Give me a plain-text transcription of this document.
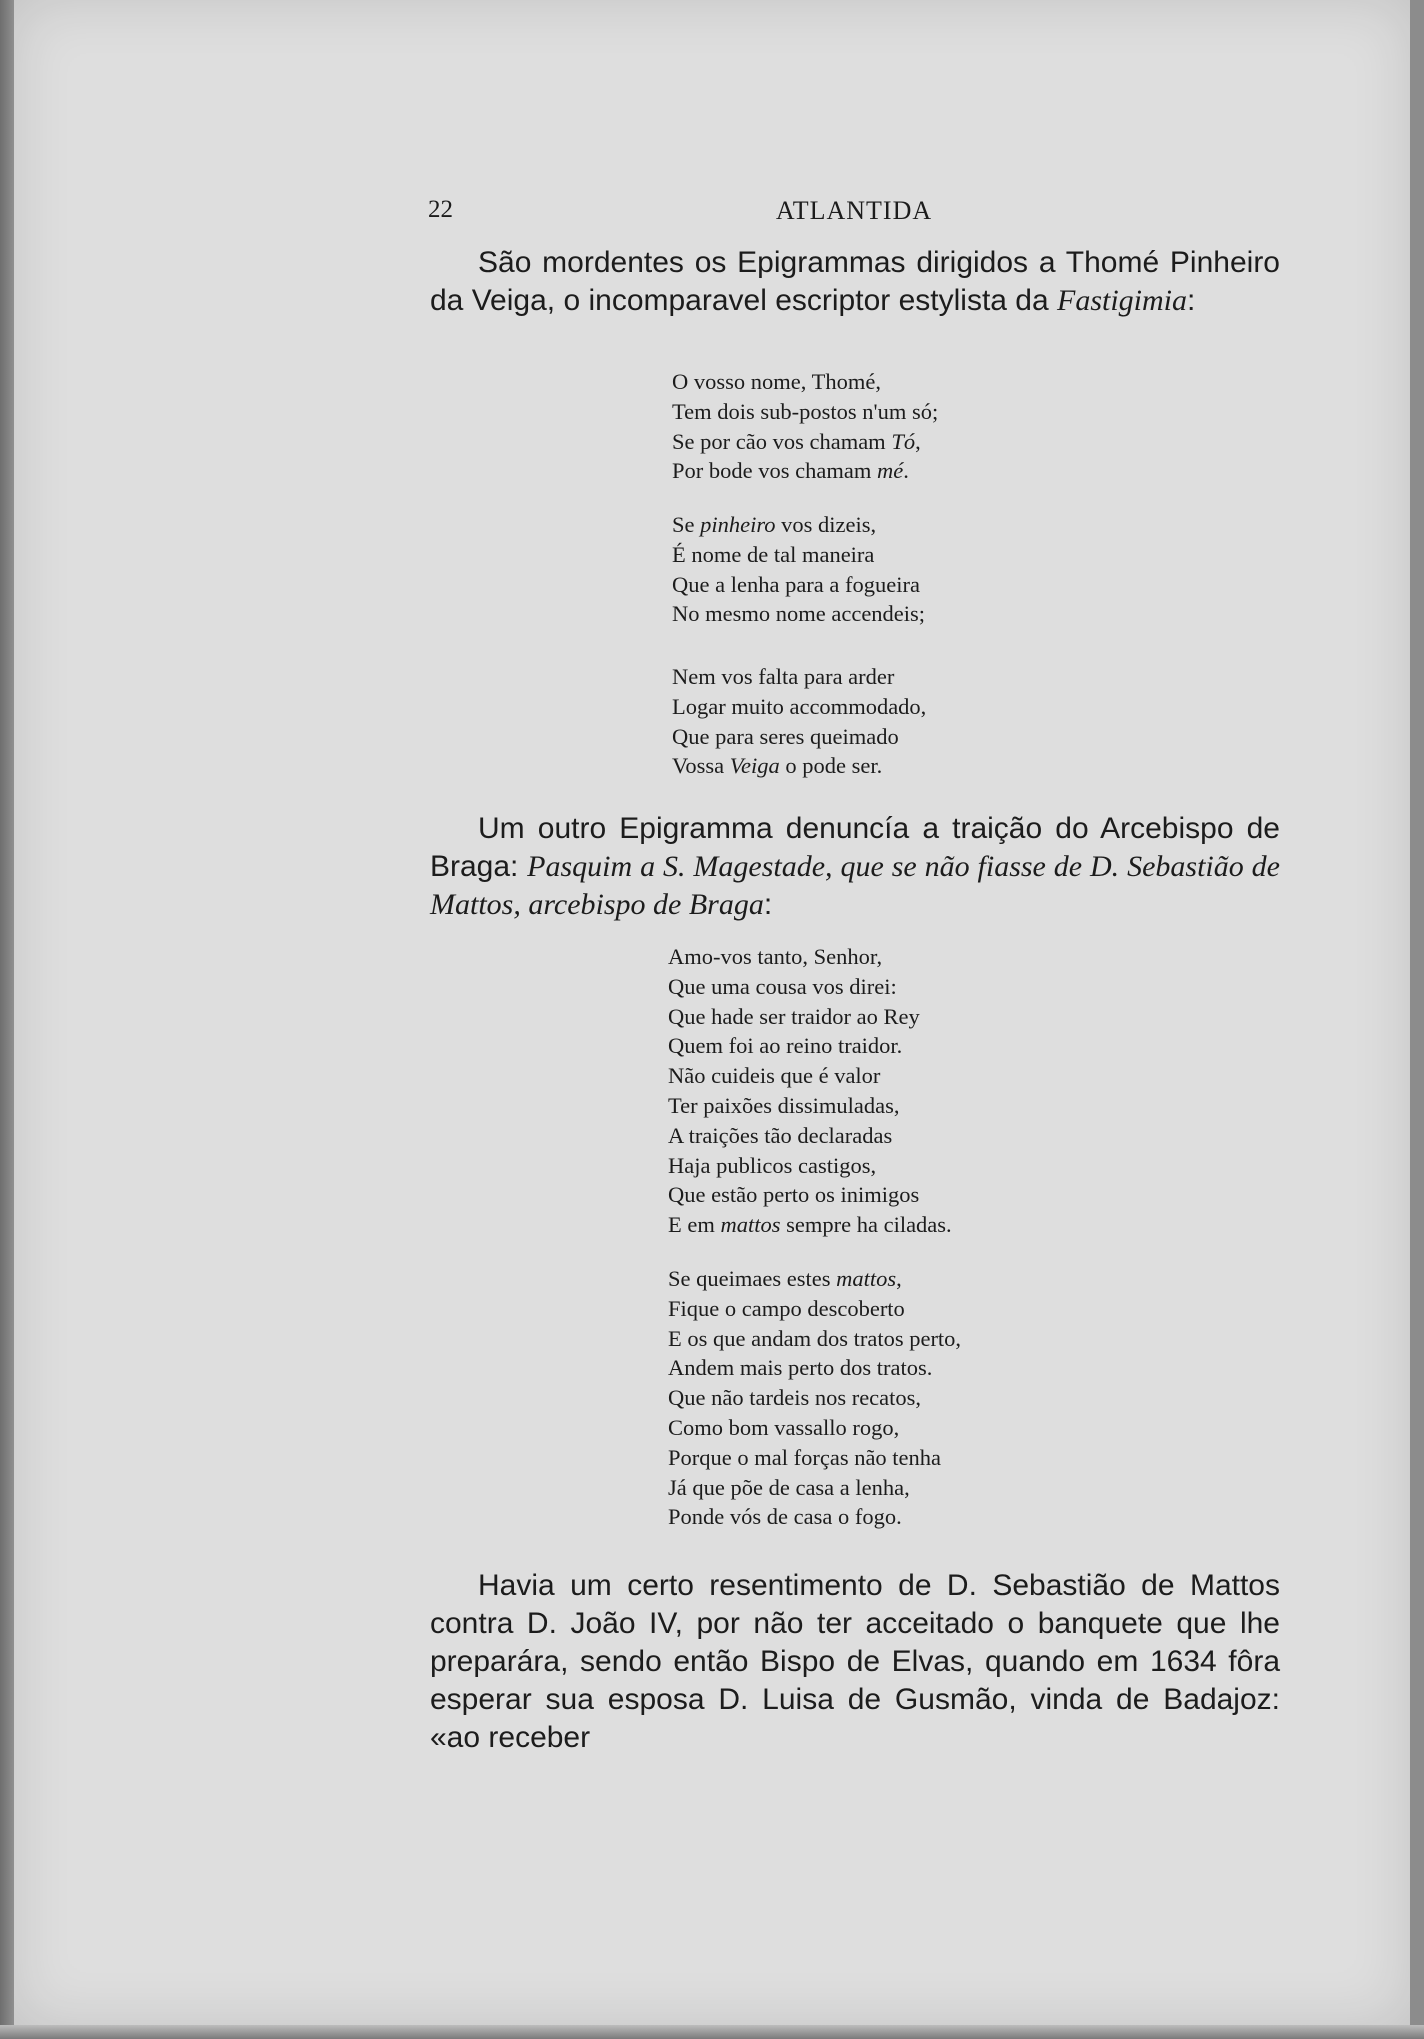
22	ATLANTIDA

São mordentes os Epigrammas dirigidos a Thomé Pinheiro da Veiga, o incomparavel escriptor estylista da Fastigimia:

O vosso nome, Thomé,
Tem dois sub-postos n'um só;
Se por cão vos chamam Tó,
Por bode vos chamam mé.
Se pinheiro vos dizeis,
É nome de tal maneira
Que a lenha para a fogueira
No mesmo nome accendeis;
Nem vos falta para arder
Logar muito accommodado,
Que para seres queimado
Vossa Veiga o pode ser.

Um outro Epigramma denuncía a traição do Arcebispo de Braga: Pasquim a S. Magestade, que se não fiasse de D. Sebastião de Mattos, arcebispo de Braga:

Amo-vos tanto, Senhor,
Que uma cousa vos direi:
Que hade ser traidor ao Rey
Quem foi ao reino traidor.
Não cuideis que é valor
Ter paixões dissimuladas,
A traições tão declaradas
Haja publicos castigos,
Que estão perto os inimigos
E em mattos sempre ha ciladas.
Se queimaes estes mattos,
Fique o campo descoberto
E os que andam dos tratos perto,
Andem mais perto dos tratos.
Que não tardeis nos recatos,
Como bom vassallo rogo,
Porque o mal forças não tenha
Já que põe de casa a lenha,
Ponde vós de casa o fogo.

Havia um certo resentimento de D. Sebastião de Mattos contra D. João IV, por não ter acceitado o banquete que lhe preparára, sendo então Bispo de Elvas, quando em 1634 fôra esperar sua esposa D. Luisa de Gusmão, vinda de Badajoz: «ao receber
